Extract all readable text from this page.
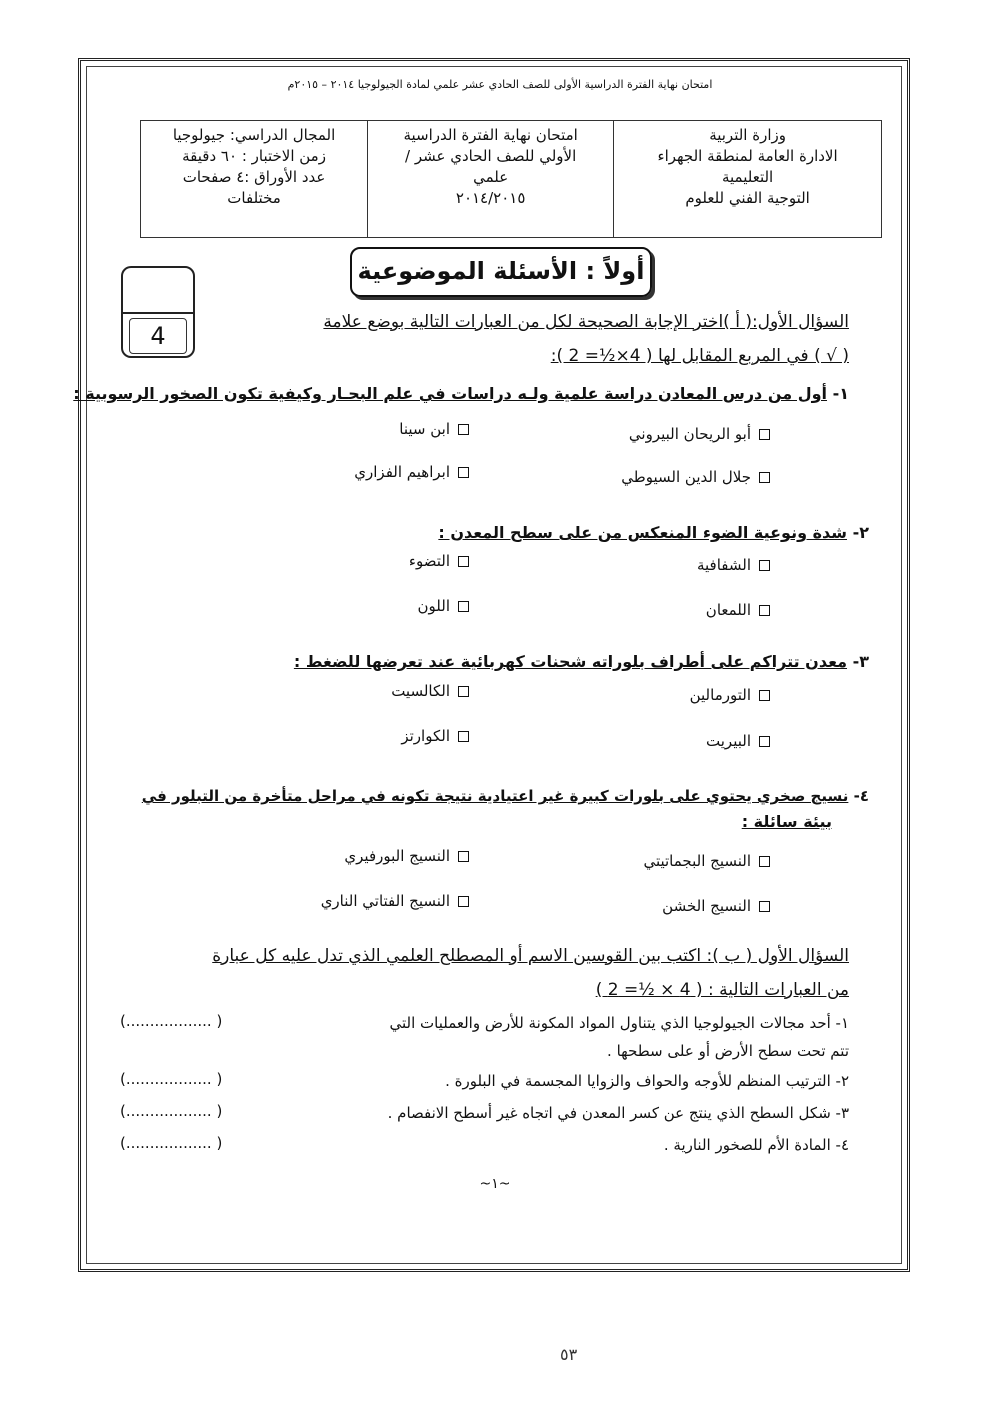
امتحان نهاية الفترة الدراسية الأولى للصف الحادي عشر علمي لمادة الجيولوجيا ٢٠١٤ – ٢٠١٥م
وزارة التربية
الادارة العامة لمنطقة الجهراء
التعليمية
التوجية الفني للعلوم

امتحان نهاية الفترة الدراسية
الأولي للصف الحادي عشر /
علمي
٢٠١٤/٢٠١٥

المجال الدراسي: جيولوجيا
زمن الاختبار : ٦٠ دقيقة
عدد الأوراق :٤ صفحات
مختلفات
أولاً : الأسئلة الموضوعية
4	السؤال الأول:( أ )اختر الإجابة الصحيحة لكل من العبارات التالية بوضع علامة
( √ ) في المربع المقابل لها ( 4×½= 2 ):
١- أول من درس المعادن دراسة علمية ولـه دراسات في علم البحـار وكيفية تكون الصخور الرسوبية :
أبو الريحان البيروني
ابن سينا
جلال الدين السيوطي
ابراهيم الفزاري
٢- شدة ونوعية الضوء المنعكس من على سطح المعدن :
الشفافية
التضوء
اللمعان
اللون
٣- معدن تتراكم على أطراف بلوراته شحنات كهربائية عند تعرضها للضغط :
التورمالين
الكالسيت
البيريت
الكوارتز
٤- نسيج صخري يحتوي على بلورات كبيرة غير اعتيادية نتيجة تكونه في مراحل متأخرة من التبلور في
بيئة سائلة :
النسيج البجماتيتي
النسيج البورفيري
النسيج الخشن
النسيج الفتاتي الناري
السؤال الأول ( ب ): اكتب بين القوسين الاسم أو المصطلح العلمي الذي تدل عليه كل عبارة
من العبارات التالية : ( 4 × ½= 2 )
١- أحد مجالات الجيولوجيا الذي يتناول المواد المكونة للأرض والعمليات التي
تتم تحت سطح الأرض أو على سطحها .
(.................. )
٢- الترتيب المنظم للأوجه والحواف والزوايا المجسمة في البلورة .
(.................. )
٣- شكل السطح الذي ينتج عن كسر المعدن في اتجاه غير أسطح الانفصام .
(.................. )
٤- المادة الأم للصخور النارية .
(.................. )
~١~
٥٣
